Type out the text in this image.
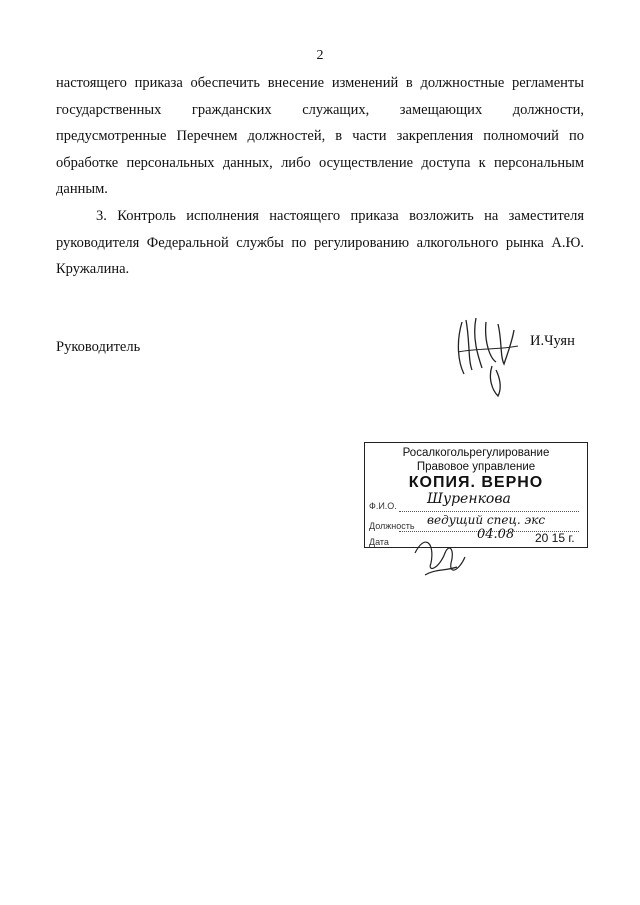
2
настоящего приказа обеспечить внесение изменений в должностные регламенты государственных гражданских служащих, замещающих должности, предусмотренные Перечнем должностей, в части закрепления полномочий по обработке персональных данных, либо осуществление доступа к персональным данным.
3. Контроль исполнения настоящего приказа возложить на заместителя руководителя Федеральной службы по регулированию алкогольного рынка А.Ю. Кружалина.
Руководитель	И.Чуян
Росалкогольрегулирование
Правовое управление
КОПИЯ. ВЕРНО
Ф.И.О. Шуренкова
Должность ведущий спец. экс
Дата	04.08 20 15 г.
